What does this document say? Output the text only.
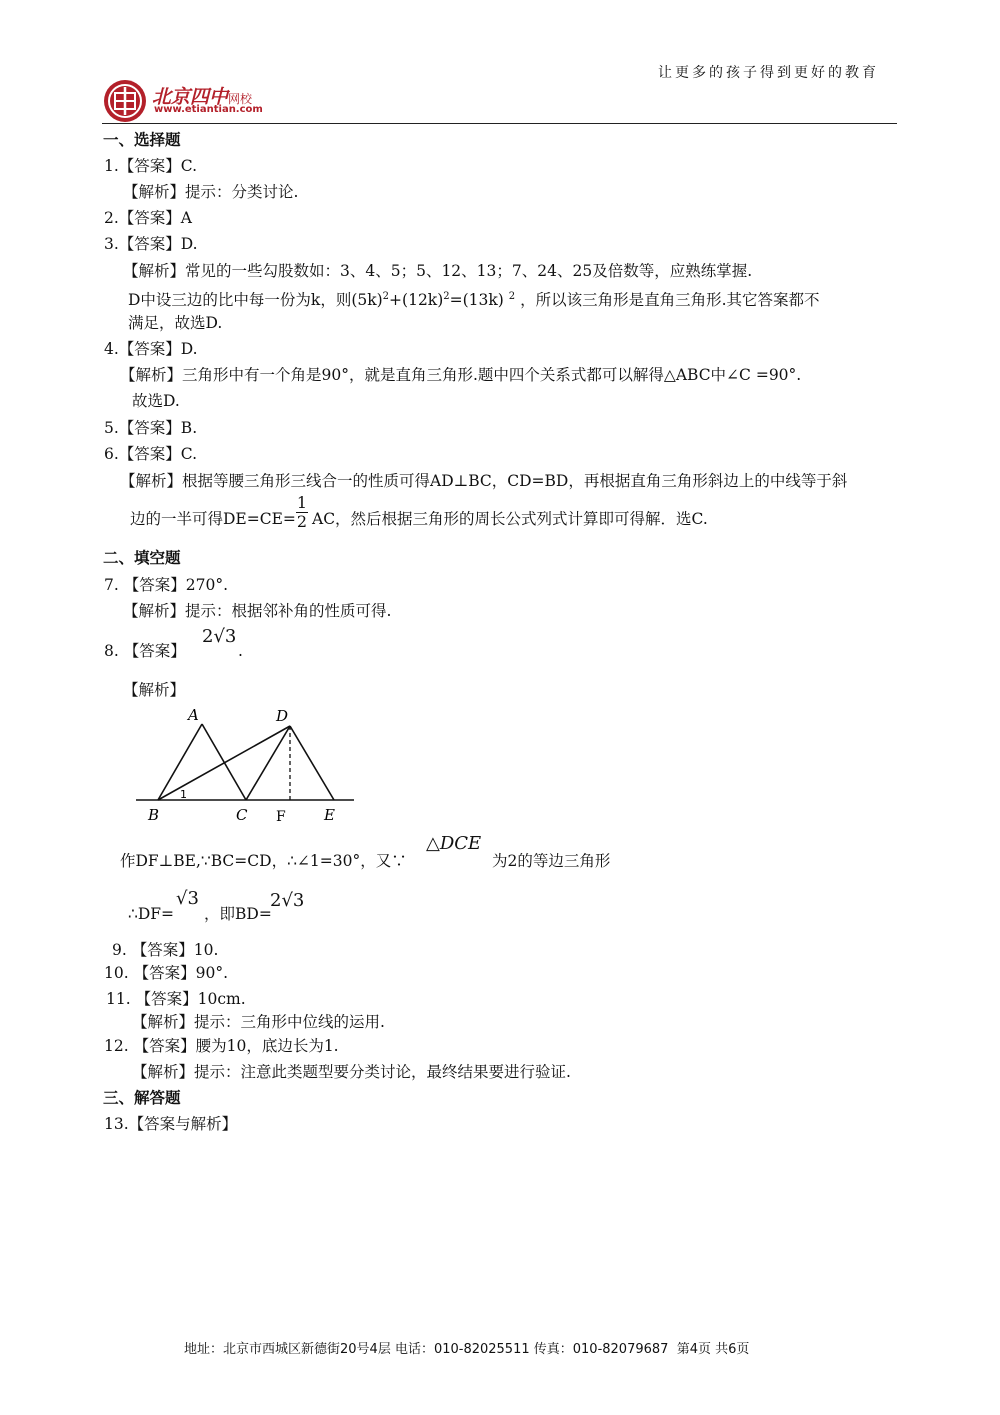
让更多的孩子得到更好的教育
北京四中网校
www.etiantian.com
一、选择题
1.【答案】C.
【解析】提示：分类讨论.
2.【答案】A
3.【答案】D.
【解析】常见的一些勾股数如：3、4、5；5、12、13；7、24、25及倍数等，应熟练掌握.
D中设三边的比中每一份为k，则$(5k)^2+(12k)^2=(13k)$ $^2$ ，所以该三角形是直角三角形.其它答案都不
满足，故选D.
4.【答案】D.
【解析】三角形中有一个角是90°，就是直角三角形.题中四个关系式都可以解得△ABC中∠C =90°.
故选D.
5.【答案】B.
6.【答案】C.
【解析】根据等腰三角形三线合一的性质可得AD⊥BC，CD=BD，再根据直角三角形斜边上的中线等于斜
边的一半可得DE=CE=
1
2 AC，然后根据三角形的周长公式列式计算即可得解．选C.
二、填空题
7. 【答案】270°.
【解析】提示：根据邻补角的性质可得.
8. 【答案】
2√3
.
【解析】
A	D
B	C F	E
1
作DF⊥BE,∵BC=CD，∴∠1=30°，又∵
△DCE
为2的等边三角形
∴DF=
√3
，即BD=
2√3
9. 【答案】10.
10. 【答案】90°.
11. 【答案】10cm.
【解析】提示：三角形中位线的运用.
12. 【答案】腰为10，底边长为1.
【解析】提示：注意此类题型要分类讨论，最终结果要进行验证.
三、解答题
13.【答案与解析】
地址：北京市西城区新德街20号4层 电话：010-82025511 传真：010-82079687 第4页 共6页
